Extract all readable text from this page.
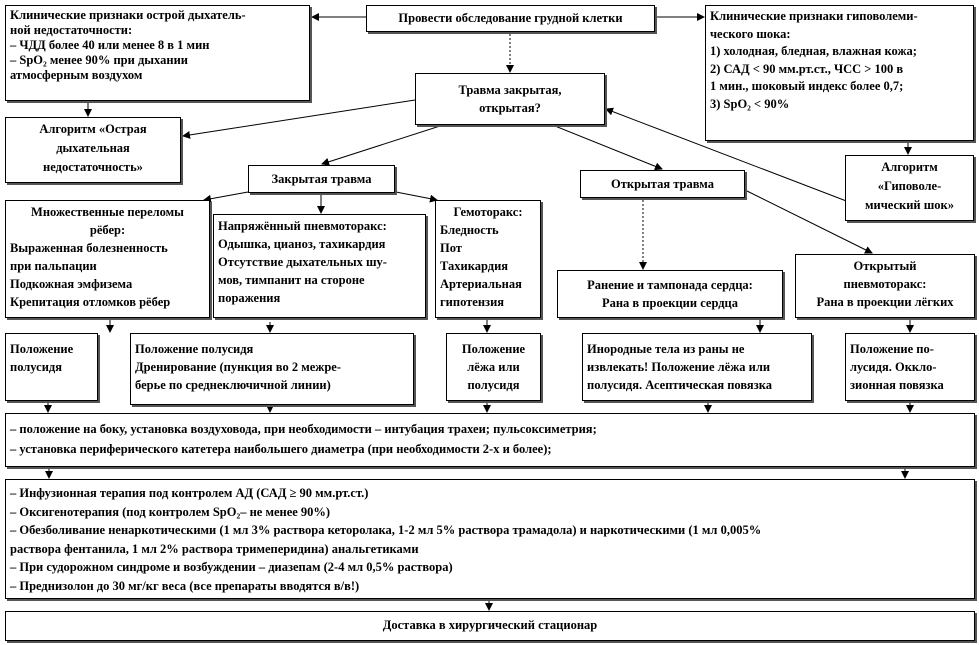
Клинические признаки острой дыхатель-
ной недостаточности:
– ЧДД более 40 или менее 8 в 1 мин
– SpO₂ менее 90% при дыхании
атмосферным воздухом
Провести обследование грудной клетки	Клинические признаки гиповолеми-
ческого шока:
1) холодная, бледная, влажная кожа;
2) САД < 90 мм.рт.ст., ЧСС > 100 в
1 мин., шоковый индекс более 0,7;
3) SpO₂ < 90%
Травма закрытая,
открытая?
Алгоритм «Острая
дыхательная
недостаточность»	Алгоритм
«Гиповоле-
мический шок»
Закрытая травма	Открытая травма
Множественные переломы
рёбер:
Выраженная болезненность
при пальпации
Подкожная эмфизема
Крепитация отломков рёбер
Напряжённый пневмоторакс:
Одышка, цианоз, тахикардия
Отсутствие дыхательных шу-
мов, тимпанит на стороне
поражения
Гемоторакс:
Бледность
Пот
Тахикардия
Артериальная
гипотензия
Ранение и тампонада сердца:
Рана в проекции сердца
Открытый
пневмоторакс:
Рана в проекции лёгких
Положение
полусидя
Положение полусидя
Дренирование (пункция во 2 межре-
берье по среднеключичной линии)
Положение
лёжа или
полусидя
Инородные тела из раны не
извлекать! Положение лёжа или
полусидя. Асептическая повязка
Положение по-
лусидя. Оккло-
зионная повязка
– положение на боку, установка воздуховода, при необходимости – интубация трахеи; пульсоксиметрия;
– установка периферического катетера наибольшего диаметра (при необходимости 2-х и более);
– Инфузионная терапия под контролем АД (САД ≥ 90 мм.рт.ст.)
– Оксигенотерапия (под контролем SpO₂– не менее 90%)
– Обезболивание ненаркотическими (1 мл 3% раствора кеторолака, 1-2 мл 5% раствора трамадола) и наркотическими (1 мл 0,005%
раствора фентанила, 1 мл 2% раствора тримеперидина) анальгетиками
– При судорожном синдроме и возбуждении – диазепам (2-4 мл 0,5% раствора)
– Преднизолон до 30 мг/кг веса (все препараты вводятся в/в!)
Доставка в хирургический стационар
